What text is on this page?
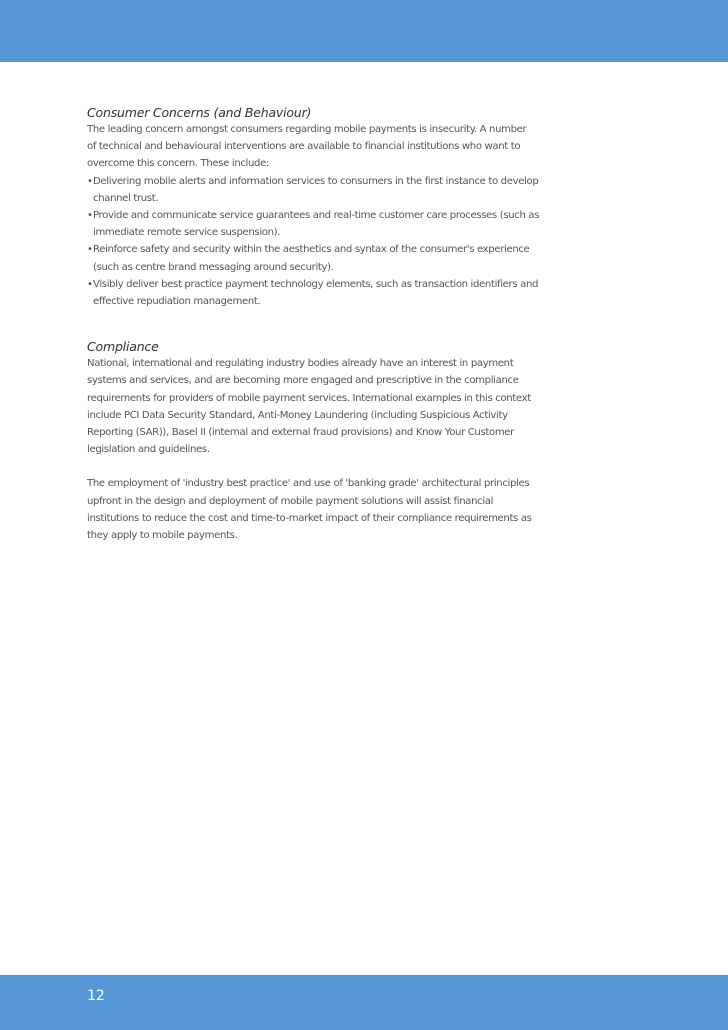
Consumer Concerns (and Behaviour)

The leading concern amongst consumers regarding mobile payments is insecurity. A number
of technical and behavioural interventions are available to financial institutions who want to
overcome this concern. These include:

• Delivering mobile alerts and information services to consumers in the first instance to develop
channel trust.
• Provide and communicate service guarantees and real-time customer care processes (such as
immediate remote service suspension).
• Reinforce safety and security within the aesthetics and syntax of the consumer's experience
(such as centre brand messaging around security).
• Visibly deliver best practice payment technology elements, such as transaction identifiers and
effective repudiation management.
Compliance

National, international and regulating industry bodies already have an interest in payment
systems and services, and are becoming more engaged and prescriptive in the compliance
requirements for providers of mobile payment services. International examples in this context
include PCI Data Security Standard, Anti-Money Laundering (including Suspicious Activity
Reporting (SAR)), Basel II (internal and external fraud provisions) and Know Your Customer
legislation and guidelines.

The employment of 'industry best practice' and use of 'banking grade' architectural principles
upfront in the design and deployment of mobile payment solutions will assist financial
institutions to reduce the cost and time-to-market impact of their compliance requirements as
they apply to mobile payments.

12
